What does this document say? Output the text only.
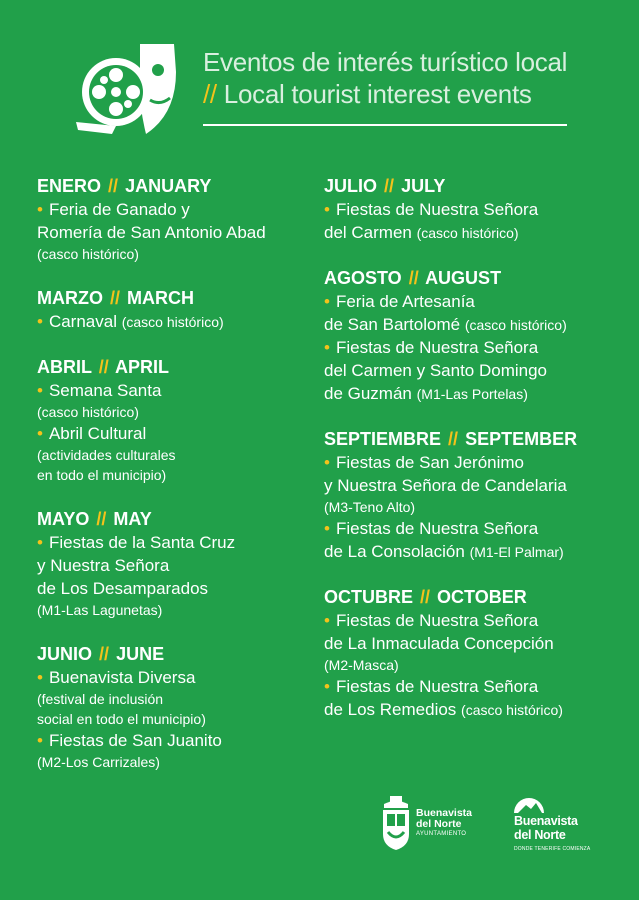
Eventos de interés turístico local
// Local tourist interest events
ENERO // JANUARY
• Feria de Ganado y
Romería de San Antonio Abad
(casco histórico)
MARZO // MARCH
• Carnaval (casco histórico)
ABRIL // APRIL
• Semana Santa
(casco histórico)
• Abril Cultural
(actividades culturales
en todo el municipio)
MAYO // MAY
• Fiestas de la Santa Cruz
y Nuestra Señora
de Los Desamparados
(M1-Las Lagunetas)
JUNIO // JUNE
• Buenavista Diversa
(festival de inclusión
social en todo el municipio)
• Fiestas de San Juanito
(M2-Los Carrizales)
JULIO // JULY
• Fiestas de Nuestra Señora
del Carmen (casco histórico)
AGOSTO // AUGUST
• Feria de Artesanía
de San Bartolomé (casco histórico)
• Fiestas de Nuestra Señora
del Carmen y Santo Domingo
de Guzmán (M1-Las Portelas)
SEPTIEMBRE // SEPTEMBER
• Fiestas de San Jerónimo
y Nuestra Señora de Candelaria
(M3-Teno Alto)
• Fiestas de Nuestra Señora
de La Consolación (M1-El Palmar)
OCTUBRE // OCTOBER
• Fiestas de Nuestra Señora
de La Inmaculada Concepción
(M2-Masca)
• Fiestas de Nuestra Señora
de Los Remedios (casco histórico)
Buenavista
del Norte
AYUNTAMIENTO
Buenavista
del Norte
DONDE TENERIFE COMIENZA
